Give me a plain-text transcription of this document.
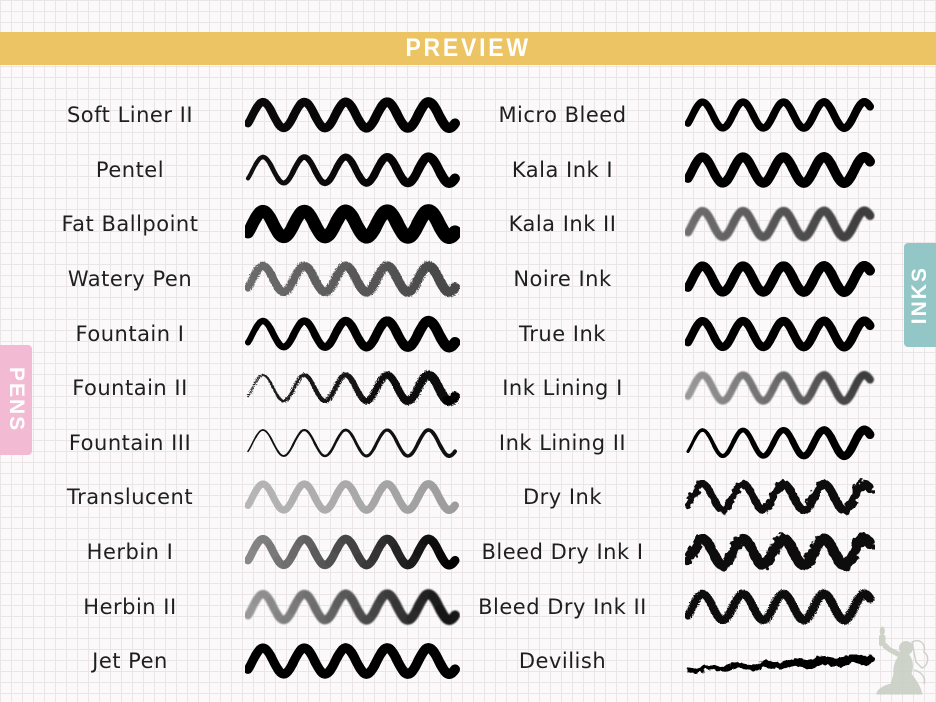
PREVIEW
Soft Liner II
Pentel
Fat Ballpoint
Watery Pen
Fountain I
Fountain II
Fountain III
Translucent
Herbin I
Herbin II
Jet Pen
Micro Bleed
Kala Ink I
Kala Ink II
Noire Ink
True Ink
Ink Lining I
Ink Lining II
Dry Ink
Bleed Dry Ink I
Bleed Dry Ink II
Devilish
PENS
INKS
